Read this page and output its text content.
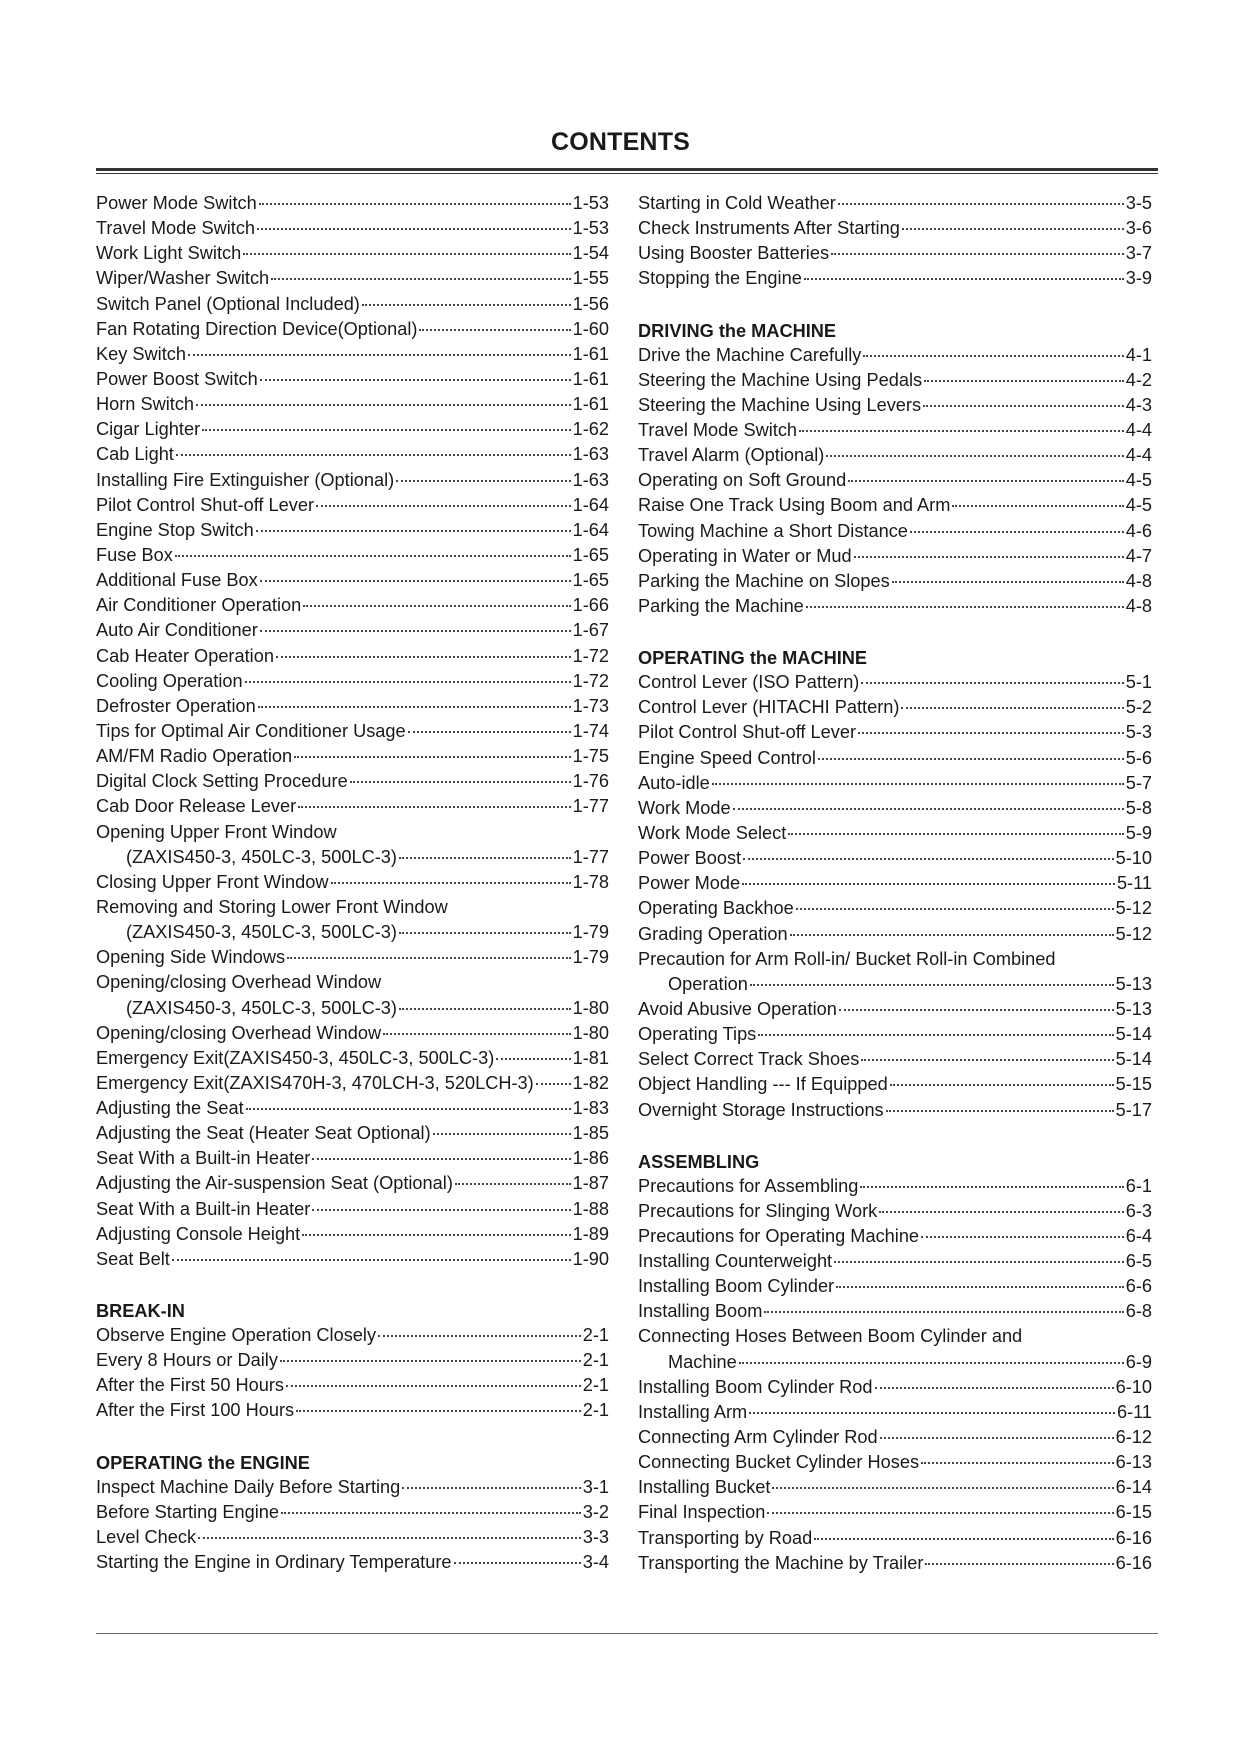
CONTENTS
Power Mode Switch	1-53
Travel Mode Switch	1-53
Work Light Switch	1-54
Wiper/Washer Switch	1-55
Switch Panel (Optional Included)	1-56
Fan Rotating Direction Device(Optional)	1-60
Key Switch	1-61
Power Boost Switch	1-61
Horn Switch	1-61
Cigar Lighter	1-62
Cab Light	1-63
Installing Fire Extinguisher (Optional)	1-63
Pilot Control Shut-off Lever	1-64
Engine Stop Switch	1-64
Fuse Box	1-65
Additional Fuse Box	1-65
Air Conditioner Operation	1-66
Auto Air Conditioner	1-67
Cab Heater Operation	1-72
Cooling Operation	1-72
Defroster Operation	1-73
Tips for Optimal Air Conditioner Usage	1-74
AM/FM Radio Operation	1-75
Digital Clock Setting Procedure	1-76
Cab Door Release Lever	1-77
Opening Upper Front Window
(ZAXIS450-3, 450LC-3, 500LC-3)	1-77
Closing Upper Front Window	1-78
Removing and Storing Lower Front Window
(ZAXIS450-3, 450LC-3, 500LC-3)	1-79
Opening Side Windows	1-79
Opening/closing Overhead Window
(ZAXIS450-3, 450LC-3, 500LC-3)	1-80
Opening/closing Overhead Window	1-80
Emergency Exit(ZAXIS450-3, 450LC-3, 500LC-3)	1-81
Emergency Exit(ZAXIS470H-3, 470LCH-3, 520LCH-3) 1-82
Adjusting the Seat	1-83
Adjusting the Seat (Heater Seat Optional)	1-85
Seat With a Built-in Heater	1-86
Adjusting the Air-suspension Seat (Optional)	1-87
Seat With a Built-in Heater	1-88
Adjusting Console Height	1-89
Seat Belt	1-90
BREAK-IN
Observe Engine Operation Closely	2-1
Every 8 Hours or Daily	2-1
After the First 50 Hours	2-1
After the First 100 Hours	2-1
OPERATING the ENGINE
Inspect Machine Daily Before Starting	3-1
Before Starting Engine	3-2
Level Check	3-3
Starting the Engine in Ordinary Temperature	3-4
Starting in Cold Weather	3-5
Check Instruments After Starting	3-6
Using Booster Batteries	3-7
Stopping the Engine	3-9
DRIVING the MACHINE
Drive the Machine Carefully	4-1
Steering the Machine Using Pedals	4-2
Steering the Machine Using Levers	4-3
Travel Mode Switch	4-4
Travel Alarm (Optional)	4-4
Operating on Soft Ground	4-5
Raise One Track Using Boom and Arm	4-5
Towing Machine a Short Distance	4-6
Operating in Water or Mud	4-7
Parking the Machine on Slopes	4-8
Parking the Machine	4-8
OPERATING the MACHINE
Control Lever (ISO Pattern)	5-1
Control Lever (HITACHI Pattern)	5-2
Pilot Control Shut-off Lever	5-3
Engine Speed Control	5-6
Auto-idle	5-7
Work Mode	5-8
Work Mode Select	5-9
Power Boost	5-10
Power Mode	5-11
Operating Backhoe	5-12
Grading Operation	5-12
Precaution for Arm Roll-in/ Bucket Roll-in Combined
Operation	5-13
Avoid Abusive Operation	5-13
Operating Tips	5-14
Select Correct Track Shoes	5-14
Object Handling --- If Equipped	5-15
Overnight Storage Instructions	5-17
ASSEMBLING
Precautions for Assembling	6-1
Precautions for Slinging Work	6-3
Precautions for Operating Machine	6-4
Installing Counterweight	6-5
Installing Boom Cylinder	6-6
Installing Boom	6-8
Connecting Hoses Between Boom Cylinder and
Machine	6-9
Installing Boom Cylinder Rod	6-10
Installing Arm	6-11
Connecting Arm Cylinder Rod	6-12
Connecting Bucket Cylinder Hoses	6-13
Installing Bucket	6-14
Final Inspection	6-15
Transporting by Road	6-16
Transporting the Machine by Trailer	6-16
